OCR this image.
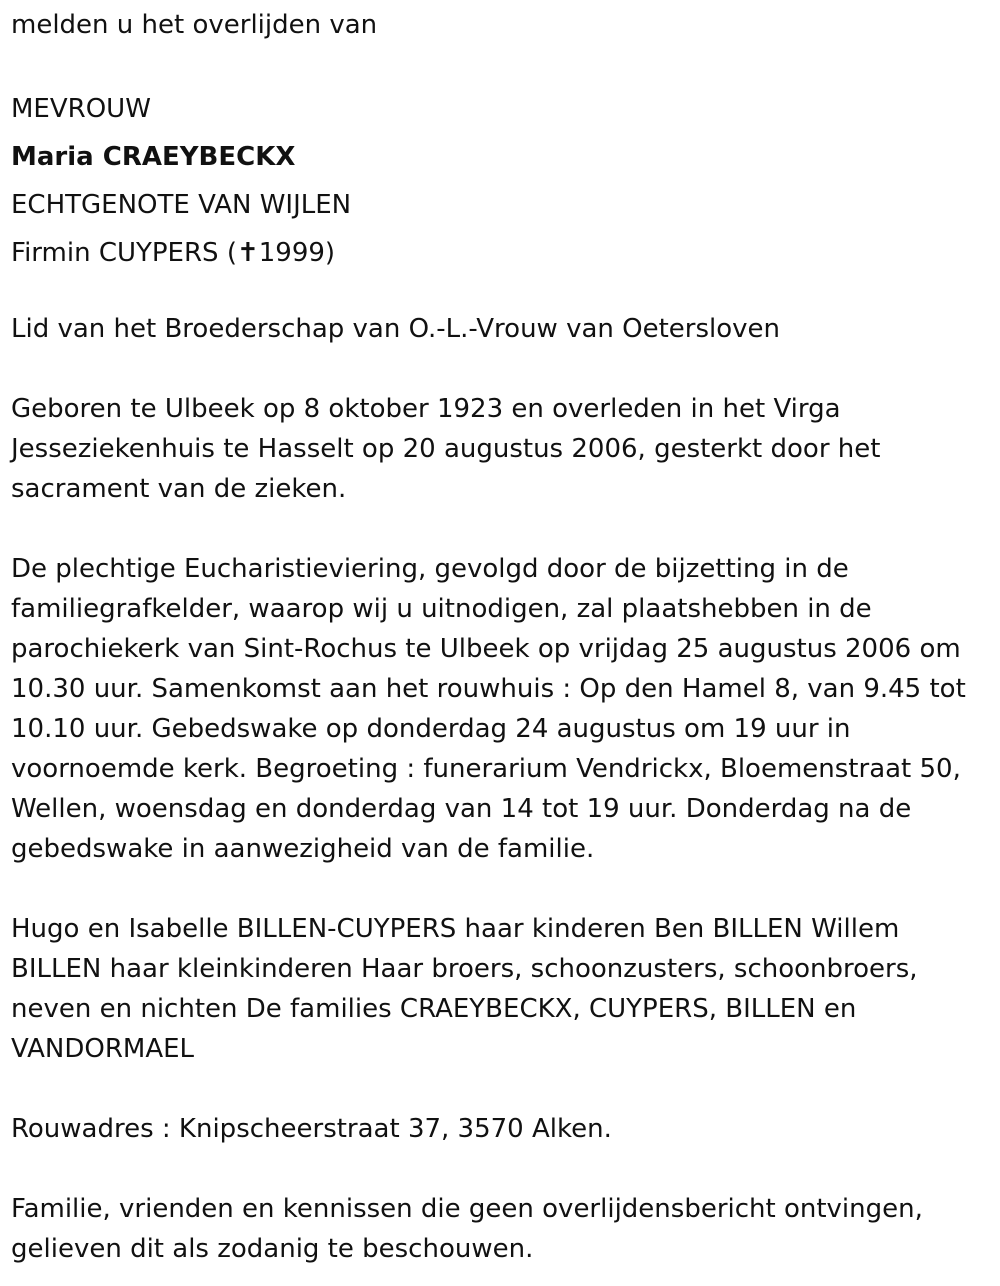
melden u het overlijden van

MEVROUW

Maria CRAEYBECKX

ECHTGENOTE VAN WIJLEN

Firmin CUYPERS (✝1999)

Lid van het Broederschap van O.-L.-Vrouw van Oetersloven

Geboren te Ulbeek op 8 oktober 1923 en overleden in het Virga
Jesseziekenhuis te Hasselt op 20 augustus 2006, gesterkt door het
sacrament van de zieken.
De plechtige Eucharistieviering, gevolgd door de bijzetting in de
familiegrafkelder, waarop wij u uitnodigen, zal plaatshebben in de
parochiekerk van Sint-Rochus te Ulbeek op vrijdag 25 augustus 2006 om
10.30 uur. Samenkomst aan het rouwhuis : Op den Hamel 8, van 9.45 tot
10.10 uur. Gebedswake op donderdag 24 augustus om 19 uur in
voornoemde kerk. Begroeting : funerarium Vendrickx, Bloemenstraat 50,
Wellen, woensdag en donderdag van 14 tot 19 uur. Donderdag na de
gebedswake in aanwezigheid van de familie.
Hugo en Isabelle BILLEN-CUYPERS haar kinderen Ben BILLEN Willem
BILLEN haar kleinkinderen Haar broers, schoonzusters, schoonbroers,
neven en nichten De families CRAEYBECKX, CUYPERS, BILLEN en
VANDORMAEL

Rouwadres : Knipscheerstraat 37, 3570 Alken.

Familie, vrienden en kennissen die geen overlijdensbericht ontvingen,
gelieven dit als zodanig te beschouwen.
